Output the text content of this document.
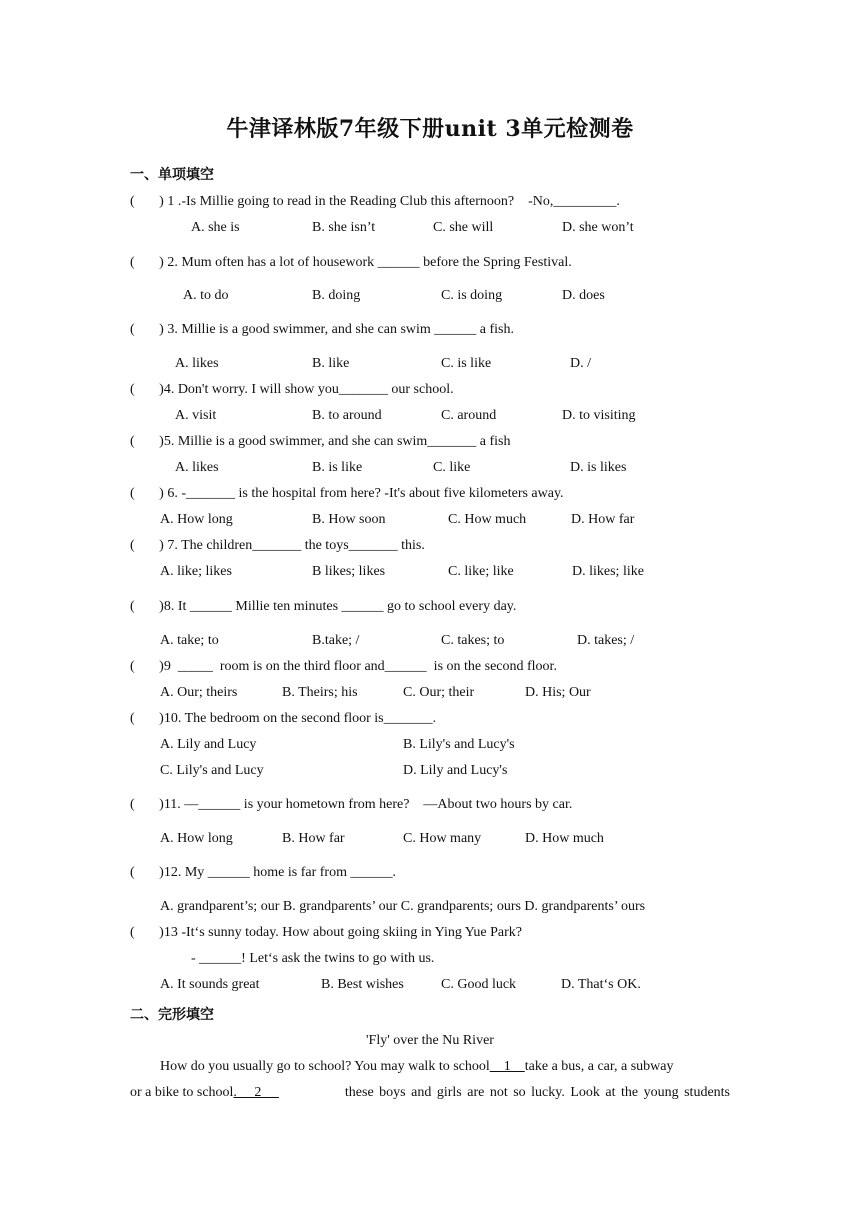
牛津译林版7年级下册unit 3单元检测卷
一、单项填空
(       ) 1 .-Is Millie going to read in the Reading Club this afternoon?    -No,_________.
A. she is	B. she isn’t	C. she will	D. she won’t
(       ) 2. Mum often has a lot of housework ______ before the Spring Festival.
A. to do	B. doing	C. is doing	D. does
(       ) 3. Millie is a good swimmer, and she can swim ______ a fish.
A. likes	B. like	C. is like	D. /
(       )4. Don't worry. I will show you_______ our school.
A. visit	B. to around	C. around	D. to visiting
(       )5. Millie is a good swimmer, and she can swim_______ a fish
A. likes	B. is like	C. like	D. is likes
(       ) 6. -_______ is the hospital from here? -It's about five kilometers away.
A. How long	B. How soon	C. How much	D. How far
(       ) 7. The children_______ the toys_______ this.
A. like; likes	B likes; likes	C. like; like	D. likes; like
(       )8. It ______ Millie ten minutes ______ go to school every day.
A. take; to	B.take; /	C. takes; to	D. takes; /
(       )9  _____  room is on the third floor and______  is on the second floor.
A. Our; theirs	B. Theirs; his	C. Our; their	D. His; Our
(       )10. The bedroom on the second floor is_______.
A. Lily and Lucy	B. Lily's and Lucy's
C. Lily's and Lucy	D. Lily and Lucy's
(       )11. —______ is your hometown from here?    —About two hours by car.
A. How long	B. How far	C. How many	D. How much
(       )12. My ______ home is far from ______.
A. grandparent’s; our B. grandparents’ our C. grandparents; ours D. grandparents’ ours
(       )13 -It‘s sunny today. How about going skiing in Ying Yue Park?
- ______! Let‘s ask the twins to go with us.
A. It sounds great	B. Best wishes	C. Good luck	D. That‘s OK.
二、完形填空
'Fly' over the Nu River
How do you usually go to school? You may walk to school    1    take a bus, a car, a subway
or a bike to school.     2	these boys and girls are not so lucky. Look at the young students
